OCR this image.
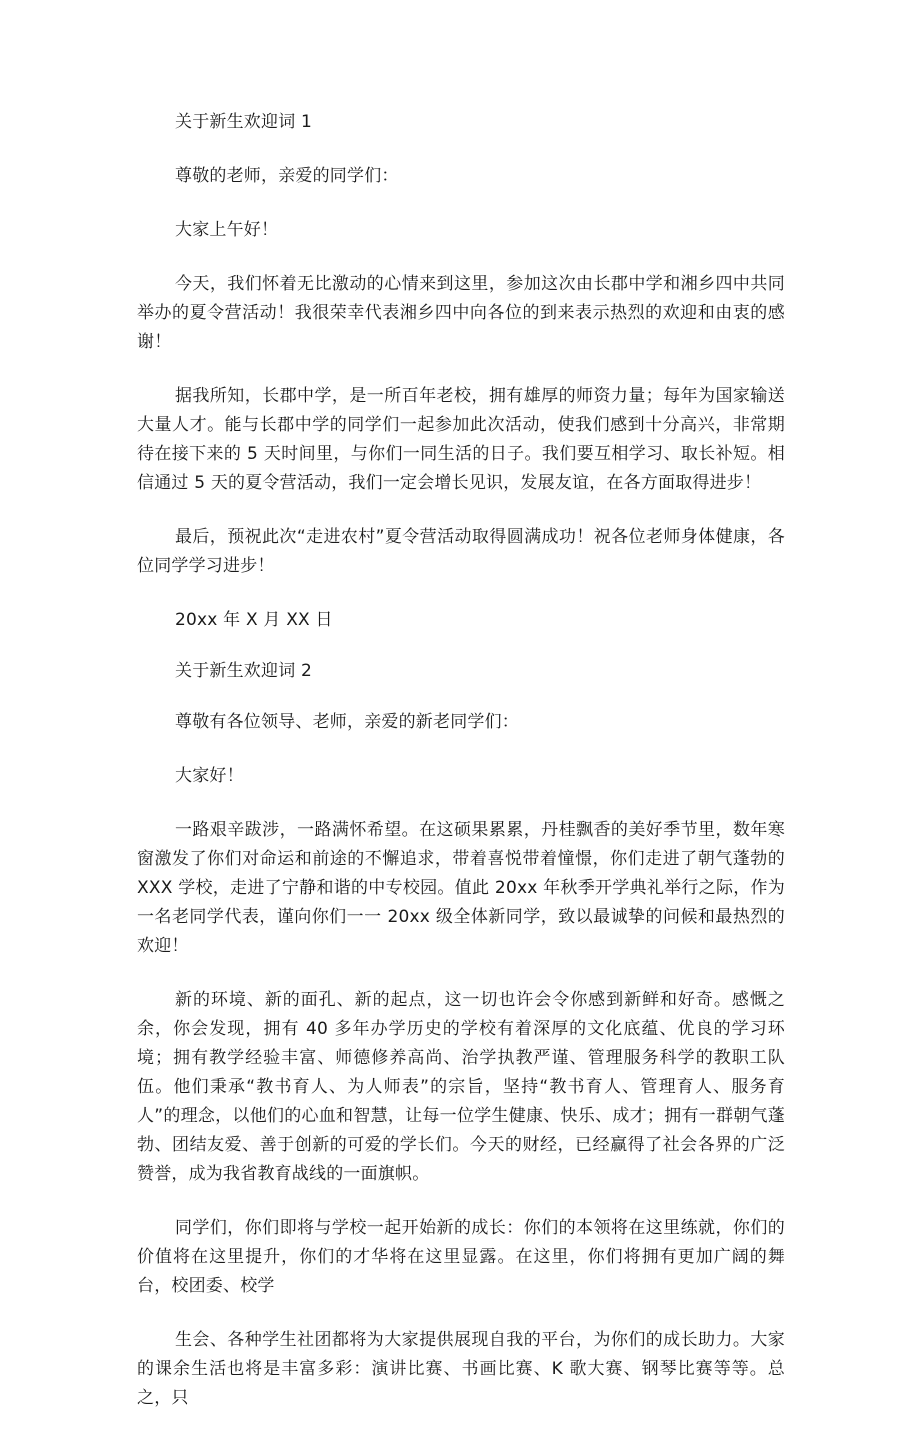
关于新生欢迎词 1

尊敬的老师，亲爱的同学们：

大家上午好！

今天，我们怀着无比激动的心情来到这里，参加这次由长郡中学和湘乡四中共同举办的夏令营活动！我很荣幸代表湘乡四中向各位的到来表示热烈的欢迎和由衷的感谢！

据我所知，长郡中学，是一所百年老校，拥有雄厚的师资力量；每年为国家输送大量人才。能与长郡中学的同学们一起参加此次活动，使我们感到十分高兴，非常期待在接下来的 5 天时间里，与你们一同生活的日子。我们要互相学习、取长补短。相信通过 5 天的夏令营活动，我们一定会增长见识，发展友谊，在各方面取得进步！

最后，预祝此次“走进农村”夏令营活动取得圆满成功！祝各位老师身体健康，各位同学学习进步！

20xx 年 X 月 XX 日

关于新生欢迎词 2

尊敬有各位领导、老师，亲爱的新老同学们：

大家好！

一路艰辛跋涉，一路满怀希望。在这硕果累累，丹桂飘香的美好季节里，数年寒窗激发了你们对命运和前途的不懈追求，带着喜悦带着憧憬，你们走进了朝气蓬勃的 XXX 学校，走进了宁静和谐的中专校园。值此 20xx 年秋季开学典礼举行之际，作为一名老同学代表，谨向你们一一 20xx 级全体新同学，致以最诚挚的问候和最热烈的欢迎！

新的环境、新的面孔、新的起点，这一切也许会令你感到新鲜和好奇。感慨之余，你会发现，拥有 40 多年办学历史的学校有着深厚的文化底蕴、优良的学习环境；拥有教学经验丰富、师德修养高尚、治学执教严谨、管理服务科学的教职工队伍。他们秉承“教书育人、为人师表”的宗旨，坚持“教书育人、管理育人、服务育人”的理念，以他们的心血和智慧，让每一位学生健康、快乐、成才；拥有一群朝气蓬勃、团结友爱、善于创新的可爱的学长们。今天的财经，已经赢得了社会各界的广泛赞誉，成为我省教育战线的一面旗帜。

同学们，你们即将与学校一起开始新的成长：你们的本领将在这里练就，你们的价值将在这里提升，你们的才华将在这里显露。在这里，你们将拥有更加广阔的舞台，校团委、校学

生会、各种学生社团都将为大家提供展现自我的平台，为你们的成长助力。大家的课余生活也将是丰富多彩：演讲比赛、书画比赛、K 歌大赛、钢琴比赛等等。总之，只
